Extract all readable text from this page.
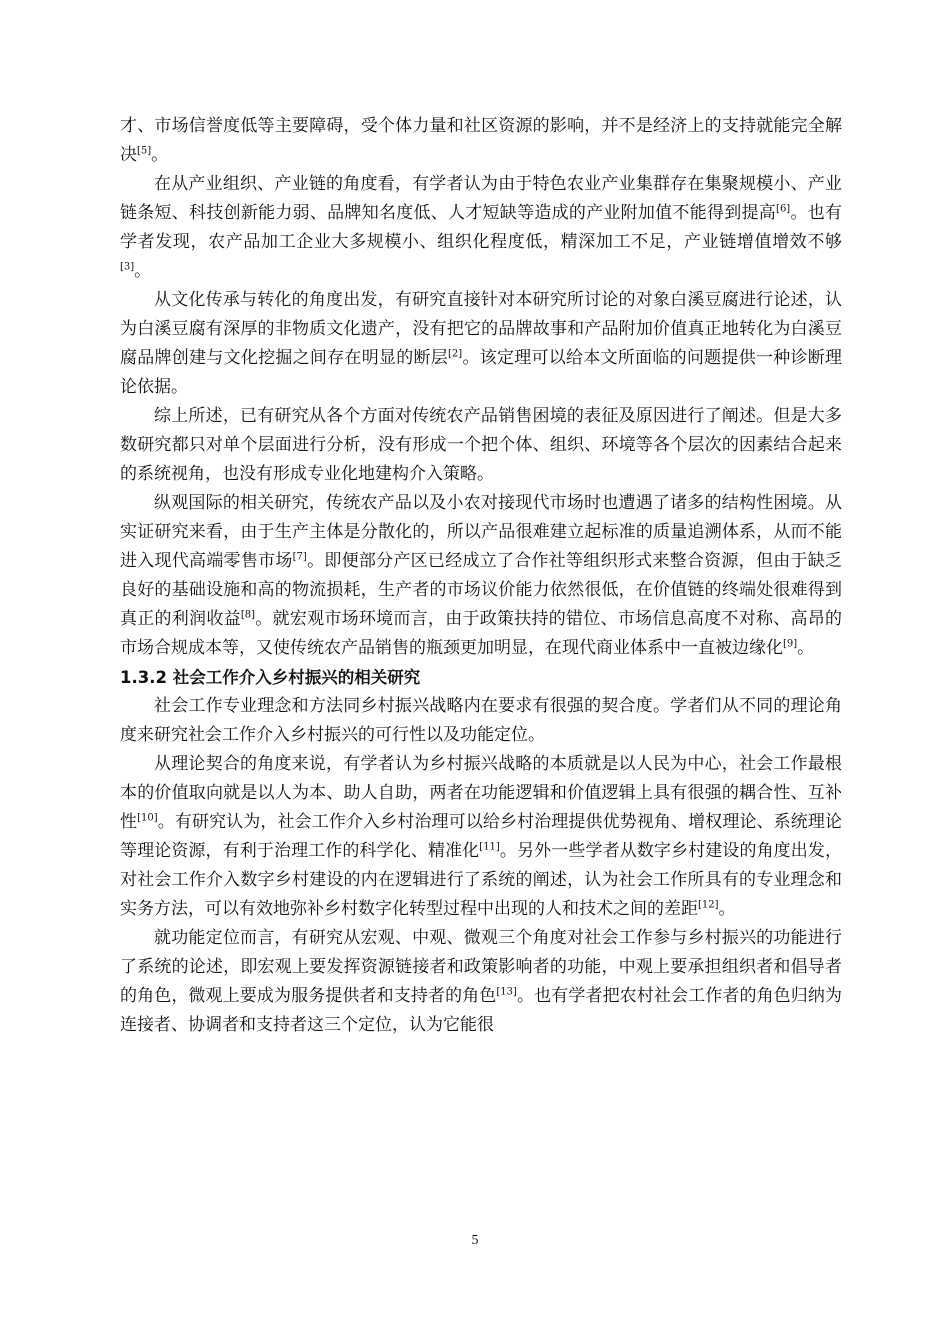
才、市场信誉度低等主要障碍，受个体力量和社区资源的影响，并不是经济上的支持就能完全解决[5]。

在从产业组织、产业链的角度看，有学者认为由于特色农业产业集群存在集聚规模小、产业链条短、科技创新能力弱、品牌知名度低、人才短缺等造成的产业附加值不能得到提高[6]。也有学者发现，农产品加工企业大多规模小、组织化程度低，精深加工不足，产业链增值增效不够[3]。

从文化传承与转化的角度出发，有研究直接针对本研究所讨论的对象白溪豆腐进行论述，认为白溪豆腐有深厚的非物质文化遗产，没有把它的品牌故事和产品附加价值真正地转化为白溪豆腐品牌创建与文化挖掘之间存在明显的断层[2]。该定理可以给本文所面临的问题提供一种诊断理论依据。

综上所述，已有研究从各个方面对传统农产品销售困境的表征及原因进行了阐述。但是大多数研究都只对单个层面进行分析，没有形成一个把个体、组织、环境等各个层次的因素结合起来的系统视角，也没有形成专业化地建构介入策略。

纵观国际的相关研究，传统农产品以及小农对接现代市场时也遭遇了诸多的结构性困境。从实证研究来看，由于生产主体是分散化的，所以产品很难建立起标准的质量追溯体系，从而不能进入现代高端零售市场[7]。即便部分产区已经成立了合作社等组织形式来整合资源，但由于缺乏良好的基础设施和高的物流损耗，生产者的市场议价能力依然很低，在价值链的终端处很难得到真正的利润收益[8]。就宏观市场环境而言，由于政策扶持的错位、市场信息高度不对称、高昂的市场合规成本等，又使传统农产品销售的瓶颈更加明显，在现代商业体系中一直被边缘化[9]。

1.3.2 社会工作介入乡村振兴的相关研究

社会工作专业理念和方法同乡村振兴战略内在要求有很强的契合度。学者们从不同的理论角度来研究社会工作介入乡村振兴的可行性以及功能定位。

从理论契合的角度来说，有学者认为乡村振兴战略的本质就是以人民为中心，社会工作最根本的价值取向就是以人为本、助人自助，两者在功能逻辑和价值逻辑上具有很强的耦合性、互补性[10]。有研究认为，社会工作介入乡村治理可以给乡村治理提供优势视角、增权理论、系统理论等理论资源，有利于治理工作的科学化、精准化[11]。另外一些学者从数字乡村建设的角度出发，对社会工作介入数字乡村建设的内在逻辑进行了系统的阐述，认为社会工作所具有的专业理念和实务方法，可以有效地弥补乡村数字化转型过程中出现的人和技术之间的差距[12]。

就功能定位而言，有研究从宏观、中观、微观三个角度对社会工作参与乡村振兴的功能进行了系统的论述，即宏观上要发挥资源链接者和政策影响者的功能，中观上要承担组织者和倡导者的角色，微观上要成为服务提供者和支持者的角色[13]。也有学者把农村社会工作者的角色归纳为连接者、协调者和支持者这三个定位，认为它能很

5
